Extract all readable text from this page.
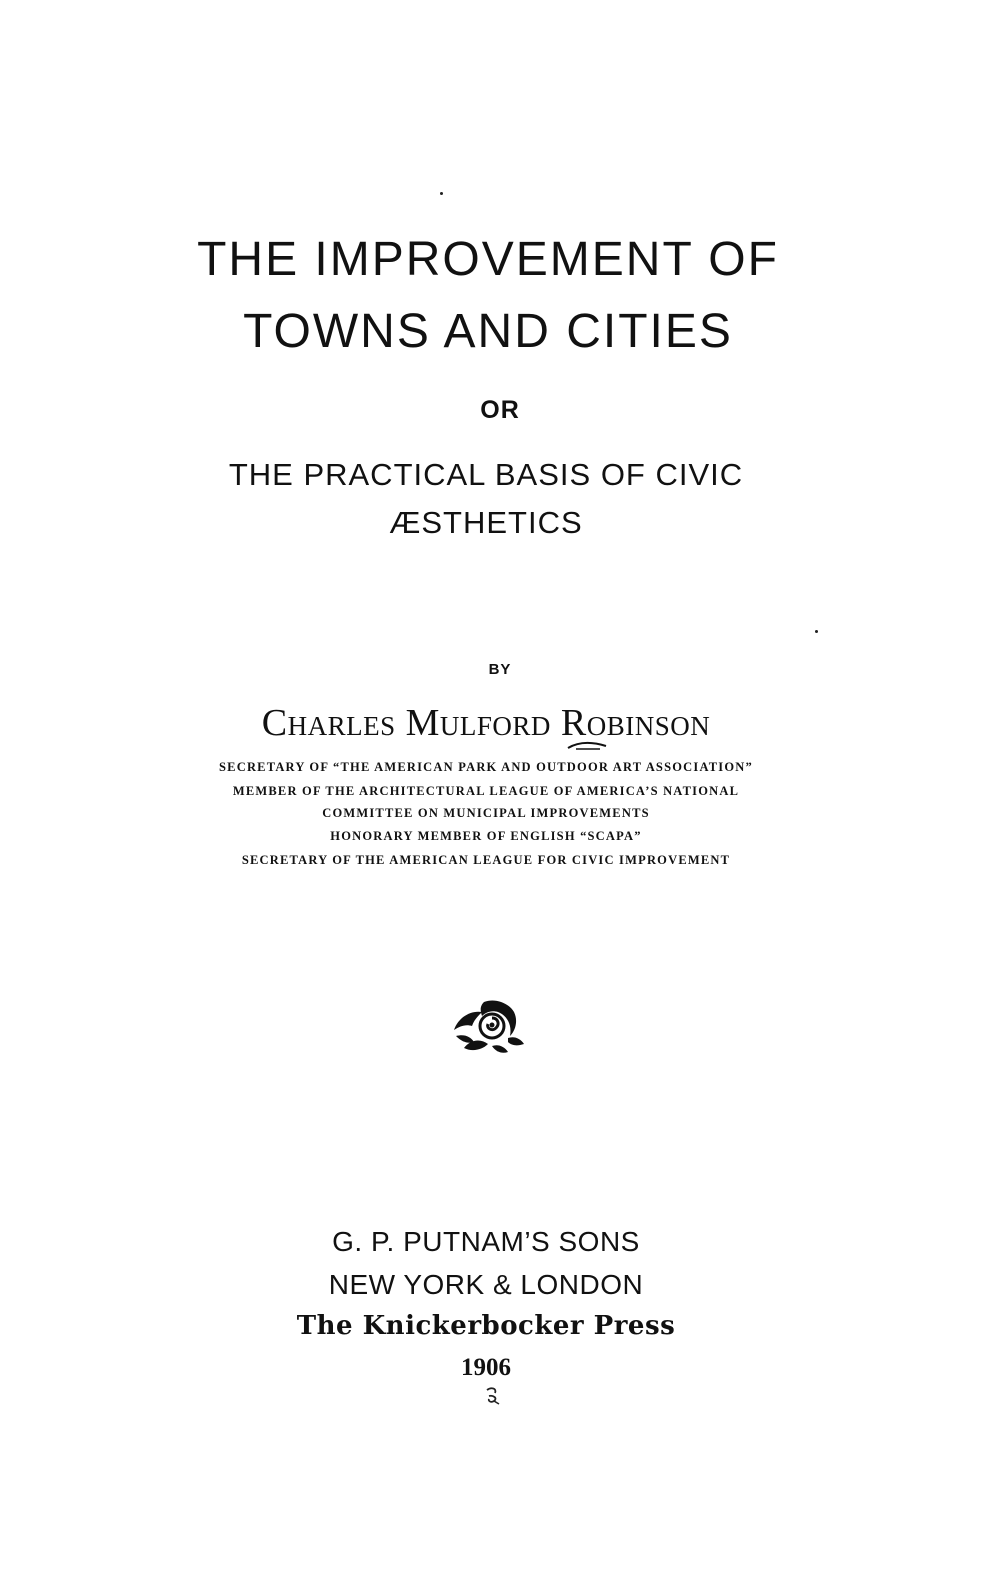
THE IMPROVEMENT OF
TOWNS AND CITIES
OR
THE PRACTICAL BASIS OF CIVIC
ÆSTHETICS
BY
Charles Mulford Robinson
SECRETARY OF “THE AMERICAN PARK AND OUTDOOR ART ASSOCIATION”
MEMBER OF THE ARCHITECTURAL LEAGUE OF AMERICA’S NATIONAL
COMMITTEE ON MUNICIPAL IMPROVEMENTS
HONORARY MEMBER OF ENGLISH “SCAPA”
SECRETARY OF THE AMERICAN LEAGUE FOR CIVIC IMPROVEMENT
G. P. PUTNAM’S SONS
NEW YORK & LONDON
The Knickerbocker Press
1906
